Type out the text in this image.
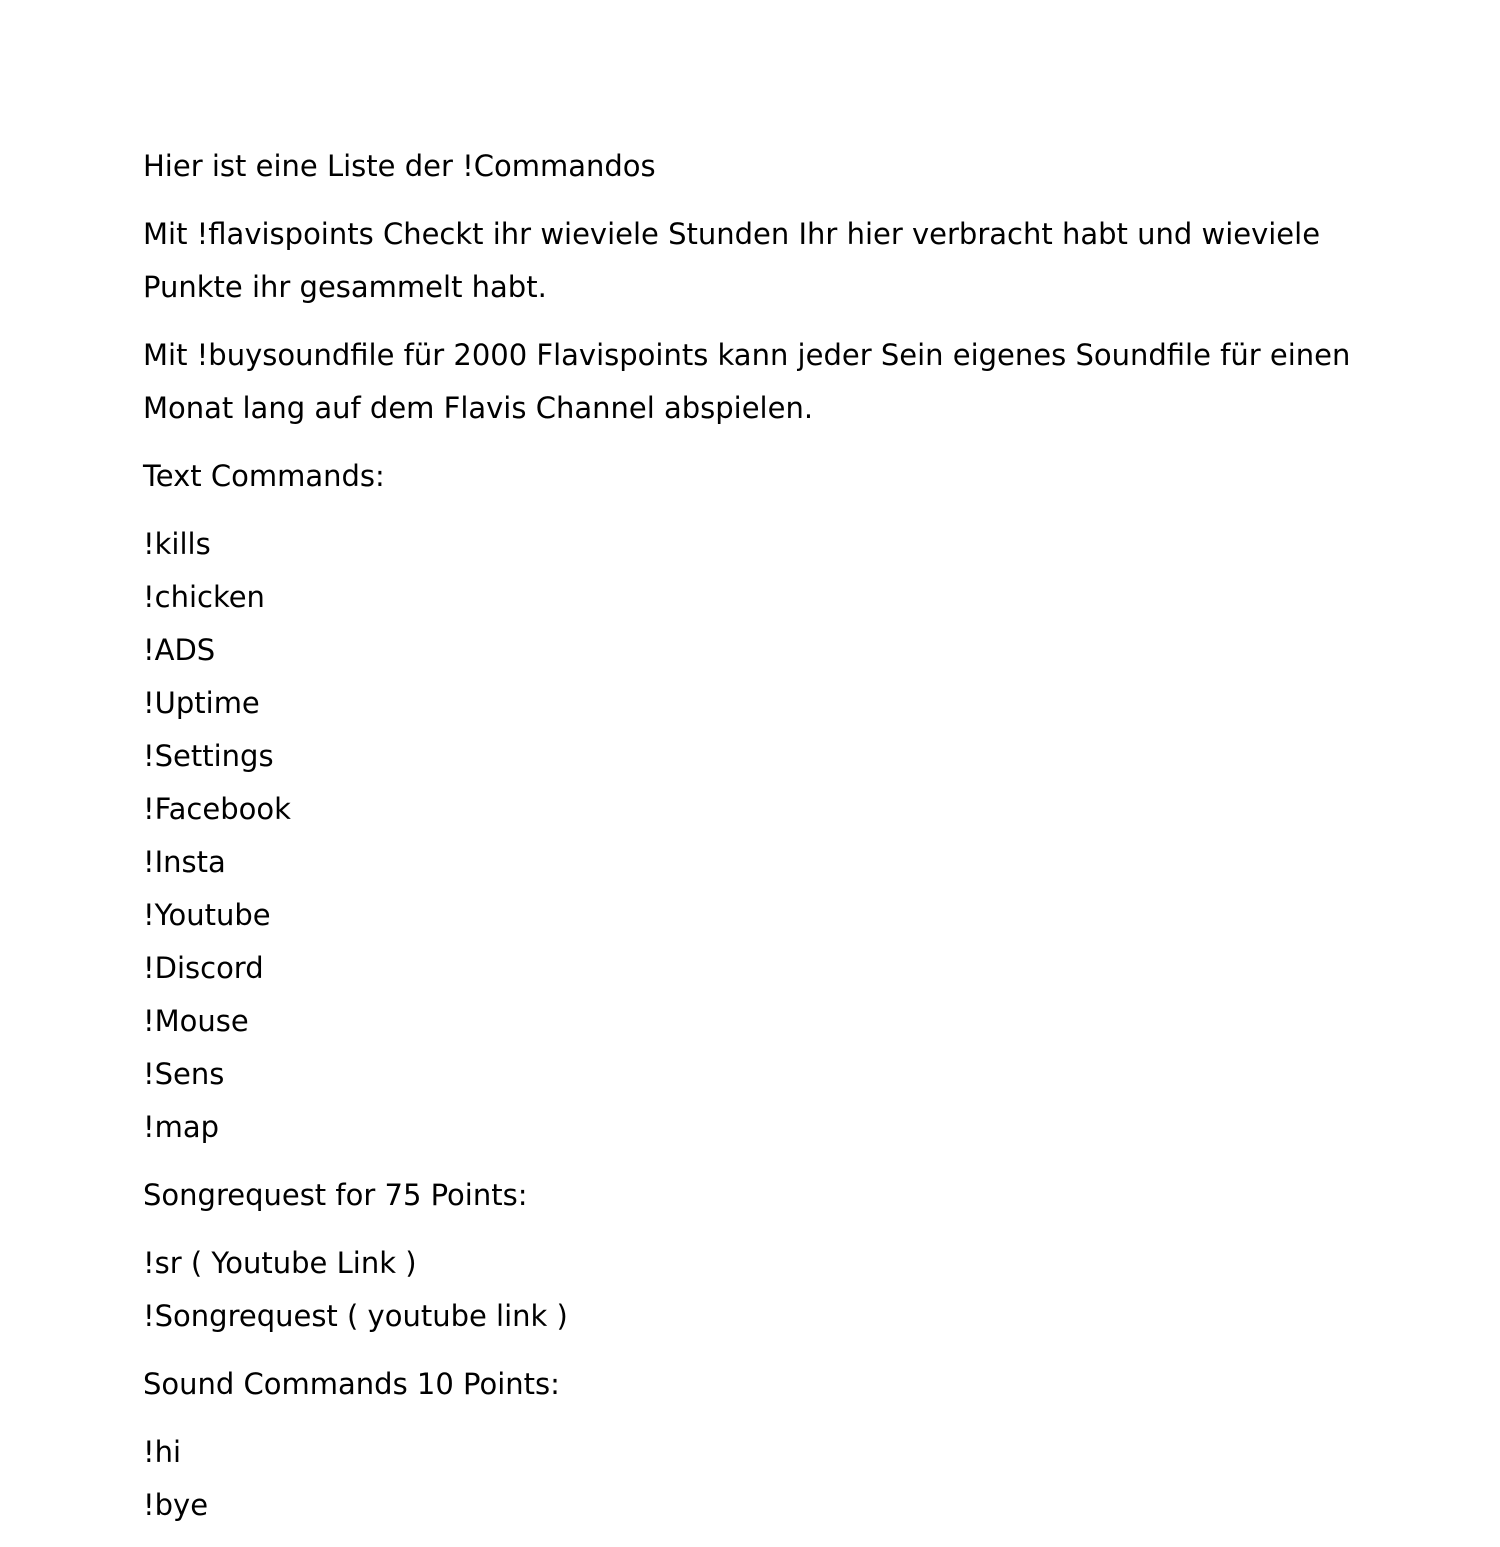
Hier ist eine Liste der !Commandos

Mit !flavispoints Checkt ihr wieviele Stunden Ihr hier verbracht habt und wieviele Punkte ihr gesammelt habt.

Mit !buysoundfile für 2000 Flavispoints kann jeder Sein eigenes Soundfile für einen Monat lang auf dem Flavis Channel abspielen.

Text Commands:

!kills
!chicken
!ADS
!Uptime
!Settings
!Facebook
!Insta
!Youtube
!Discord
!Mouse
!Sens
!map

Songrequest for 75 Points:

!sr ( Youtube Link )
!Songrequest ( youtube link )

Sound Commands 10 Points:

!hi
!bye
